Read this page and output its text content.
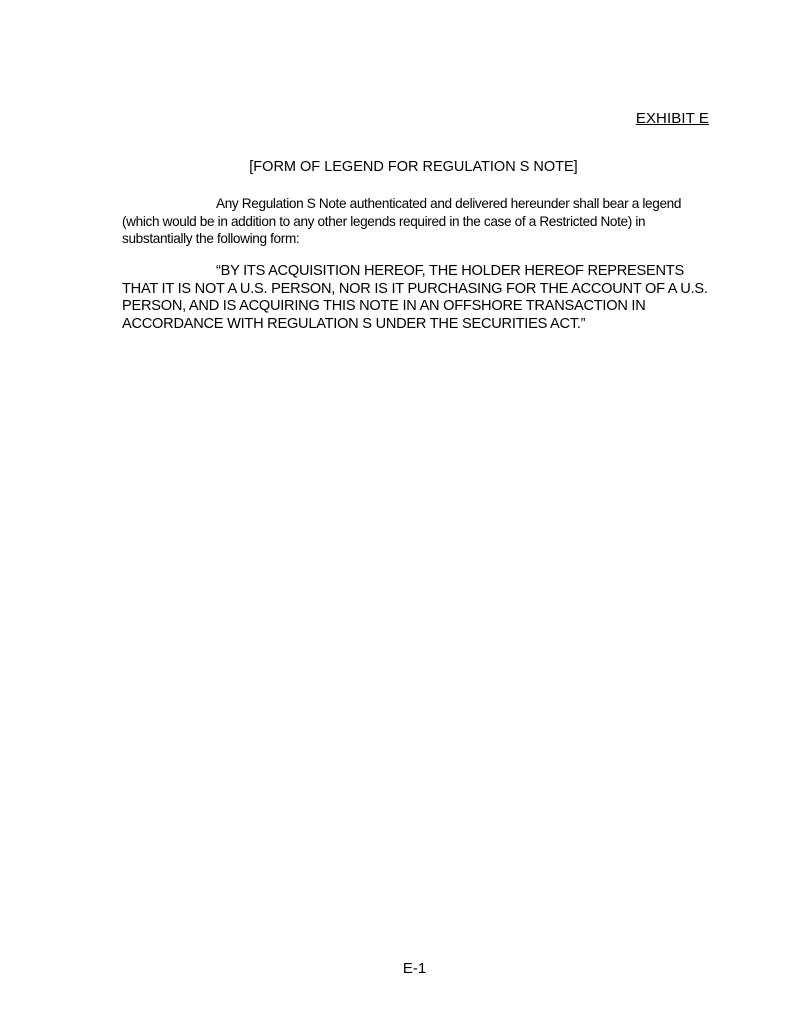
EXHIBIT E

[FORM OF LEGEND FOR REGULATION S NOTE]

Any Regulation S Note authenticated and delivered hereunder shall bear a legend (which would be in addition to any other legends required in the case of a Restricted Note) in substantially the following form:

“BY ITS ACQUISITION HEREOF, THE HOLDER HEREOF REPRESENTS THAT IT IS NOT A U.S. PERSON, NOR IS IT PURCHASING FOR THE ACCOUNT OF A U.S. PERSON, AND IS ACQUIRING THIS NOTE IN AN OFFSHORE TRANSACTION IN ACCORDANCE WITH REGULATION S UNDER THE SECURITIES ACT.”

E-1
